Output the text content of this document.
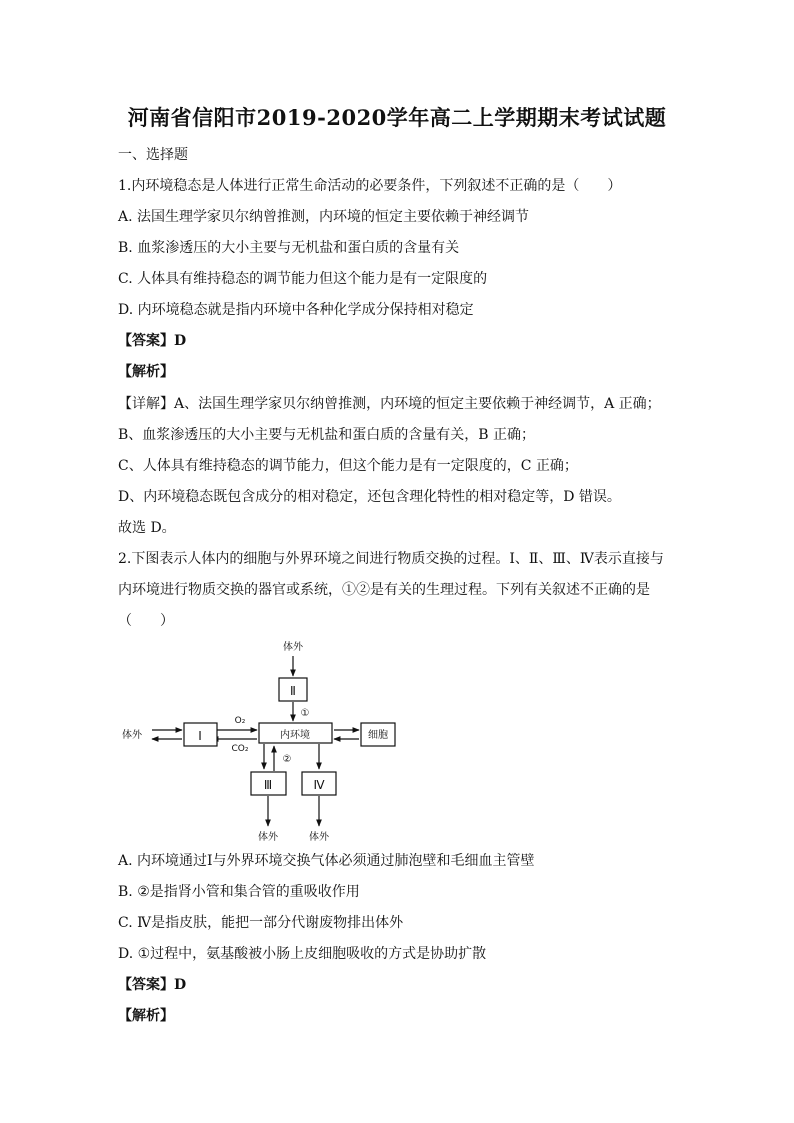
河南省信阳市2019-2020学年高二上学期期末考试试题
一、选择题
1.内环境稳态是人体进行正常生命活动的必要条件，下列叙述不正确的是（　　）
A. 法国生理学家贝尔纳曾推测，内环境的恒定主要依赖于神经调节
B. 血浆渗透压的大小主要与无机盐和蛋白质的含量有关
C. 人体具有维持稳态的调节能力但这个能力是有一定限度的
D. 内环境稳态就是指内环境中各种化学成分保持相对稳定
【答案】D
【解析】
【详解】A、法国生理学家贝尔纳曾推测，内环境的恒定主要依赖于神经调节，A 正确；
B、血浆渗透压的大小主要与无机盐和蛋白质的含量有关，B 正确；
C、人体具有维持稳态的调节能力，但这个能力是有一定限度的，C 正确；
D、内环境稳态既包含成分的相对稳定，还包含理化特性的相对稳定等，D 错误。
故选 D。
2.下图表示人体内的细胞与外界环境之间进行物质交换的过程。Ⅰ、Ⅱ、Ⅲ、Ⅳ表示直接与
内环境进行物质交换的器官或系统，①②是有关的生理过程。下列有关叙述不正确的是
（　　）
体外
Ⅱ
Ⅰ	内环境	细胞
Ⅲ	Ⅳ
体外
体外	体外
O₂
CO₂
①
②
A. 内环境通过Ⅰ与外界环境交换气体必须通过肺泡壁和毛细血主管壁
B. ②是指肾小管和集合管的重吸收作用
C. Ⅳ是指皮肤，能把一部分代谢废物排出体外
D. ①过程中，氨基酸被小肠上皮细胞吸收的方式是协助扩散
【答案】D
【解析】
